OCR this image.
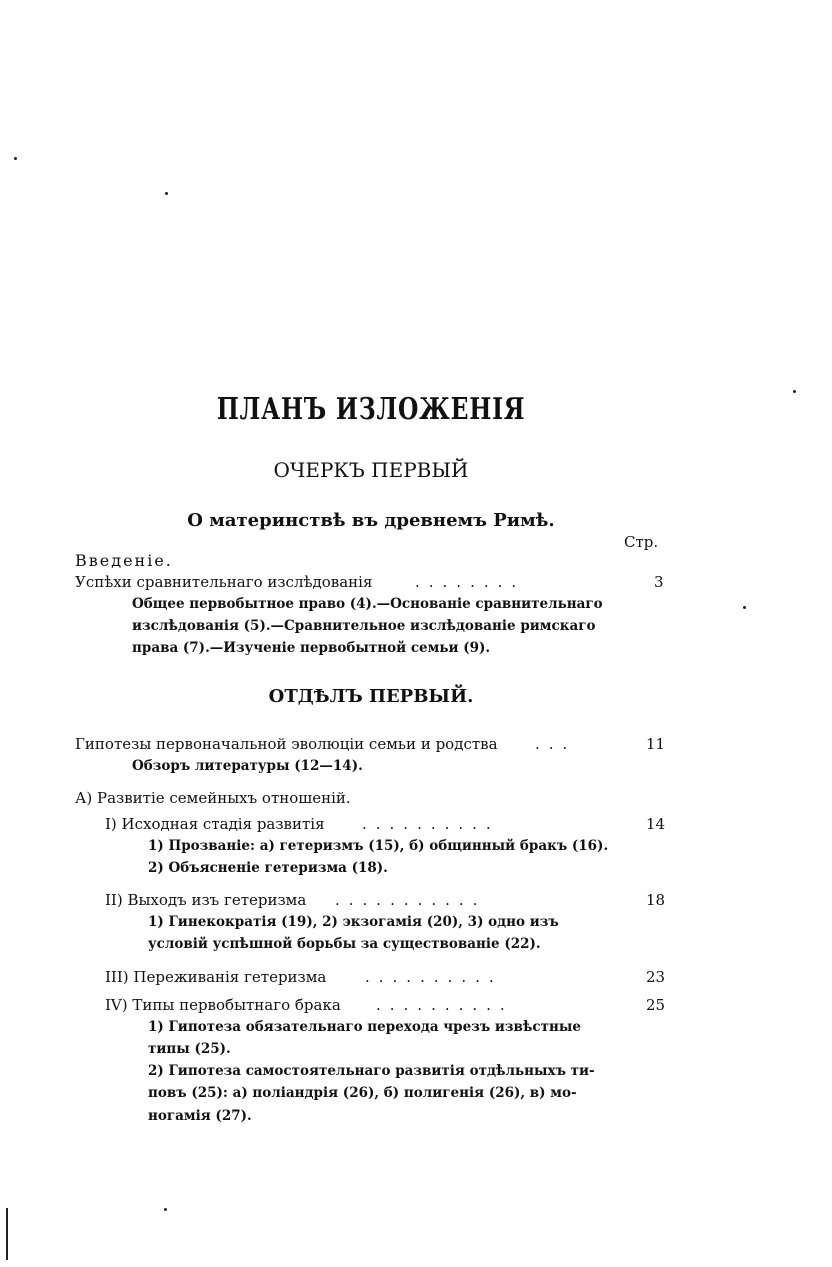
ПЛАНЪ ИЗЛОЖЕНІЯ
ОЧЕРКЪ ПЕРВЫЙ
О материнствѣ въ древнемъ Римѣ.
Стр.
Введеніе.
Успѣхи сравнительнаго изслѣдованія	........	3
Общее первобытное право (4).—Основаніе сравнительнаго
изслѣдованія (5).—Сравнительное изслѣдованіе римскаго
права (7).—Изученіе первобытной семьи (9).
ОТДѢЛЪ ПЕРВЫЙ.
Гипотезы первоначальной эволюціи семьи и родства ...	11
Обзоръ литературы (12—14).
А) Развитіе семейныхъ отношеній.
I) Исходная стадія развитія ..........	14
1) Прозваніе: а) гетеризмъ (15), б) общинный бракъ (16).
2) Объясненіе гетеризма (18).
II) Выходъ изъ гетеризма ...........	18
1) Гинекократія (19), 2) экзогамія (20), 3) одно изъ
условій успѣшной борьбы за существованіе (22).
III) Переживанія гетеризма	..........	23
IV) Типы первобытнаго брака ..........	25
1) Гипотеза обязательнаго перехода чрезъ извѣстные
типы (25).
2) Гипотеза самостоятельнаго развитія отдѣльныхъ ти-
повъ (25): а) поліандрія (26), б) полигенія (26), в) мо-
ногамія (27).
